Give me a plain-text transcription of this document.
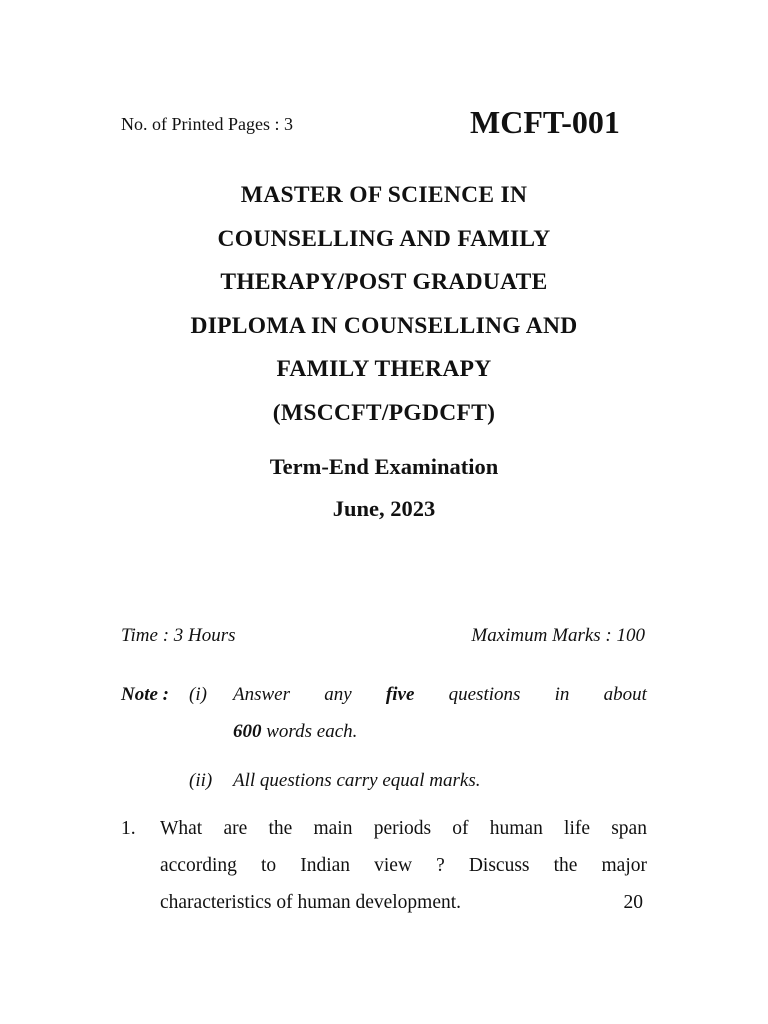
No. of Printed Pages : 3	MCFT-001
MASTER OF SCIENCE IN
COUNSELLING AND FAMILY
THERAPY/POST GRADUATE
DIPLOMA IN COUNSELLING AND
FAMILY THERAPY
(MSCCFT/PGDCFT)
Term-End Examination
June, 2023
Time : 3 Hours	Maximum Marks : 100
Note : (i) Answer any five questions in about
600 words each.
(ii) All questions carry equal marks.
1. What are the main periods of human life span
according to Indian view ? Discuss the major
characteristics of human development.	20
